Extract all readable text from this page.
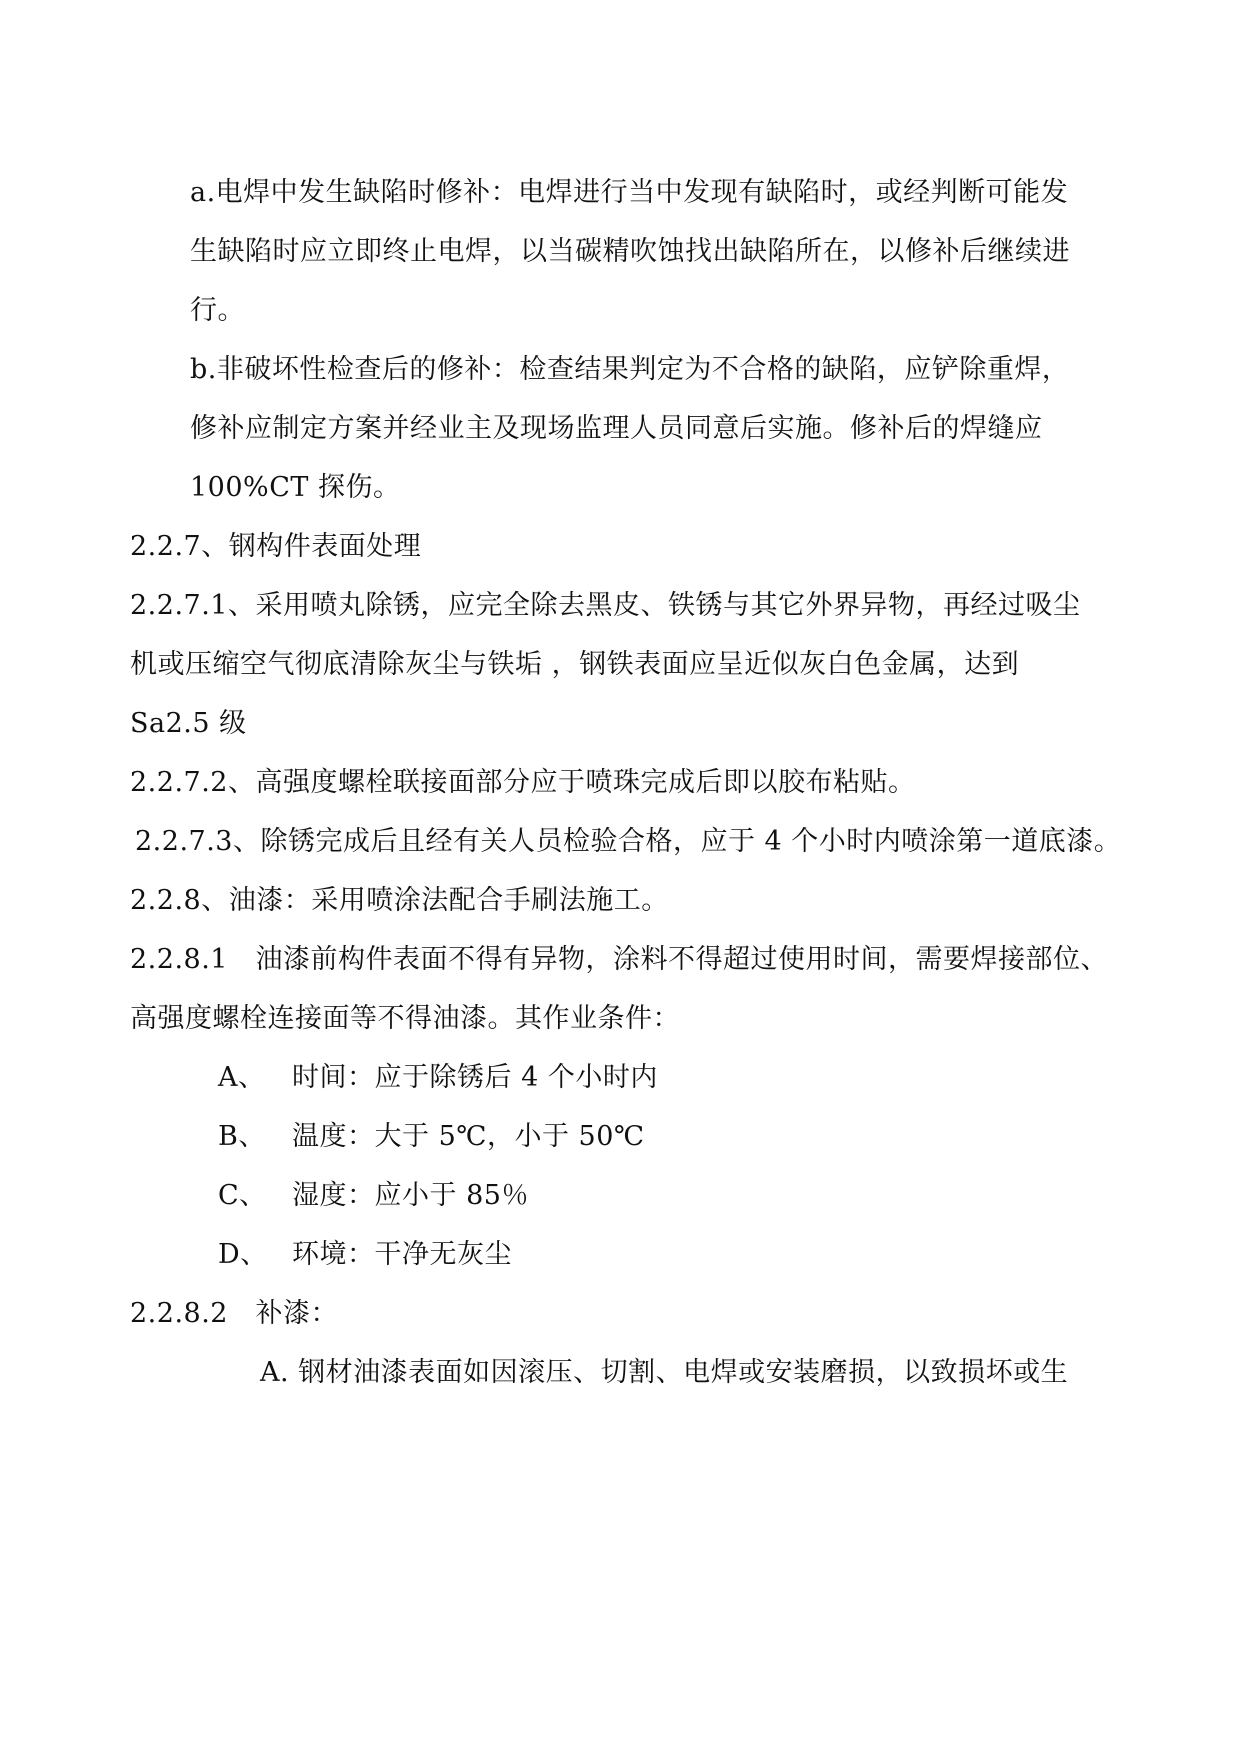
a.电焊中发生缺陷时修补：电焊进行当中发现有缺陷时，或经判断可能发
生缺陷时应立即终止电焊，以当碳精吹蚀找出缺陷所在，以修补后继续进
行。
b.非破坏性检查后的修补：检查结果判定为不合格的缺陷，应铲除重焊，
修补应制定方案并经业主及现场监理人员同意后实施。修补后的焊缝应
100%CT 探伤。
2.2.7、钢构件表面处理
2.2.7.1、采用喷丸除锈，应完全除去黑皮、铁锈与其它外界异物，再经过吸尘
机或压缩空气彻底清除灰尘与铁垢 ，钢铁表面应呈近似灰白色金属，达到
Sa2.5 级
2.2.7.2、高强度螺栓联接面部分应于喷珠完成后即以胶布粘贴。
2.2.7.3、除锈完成后且经有关人员检验合格，应于 4 个小时内喷涂第一道底漆。
2.2.8、油漆：采用喷涂法配合手刷法施工。
2.2.8.1　油漆前构件表面不得有异物，涂料不得超过使用时间，需要焊接部位、
高强度螺栓连接面等不得油漆。其作业条件：
A、 时间：应于除锈后 4 个小时内
B、 温度：大于 5℃，小于 50℃
C、 湿度：应小于 85％
D、 环境：干净无灰尘
2.2.8.2　补漆：
A. 钢材油漆表面如因滚压、切割、电焊或安装磨损，以致损坏或生
